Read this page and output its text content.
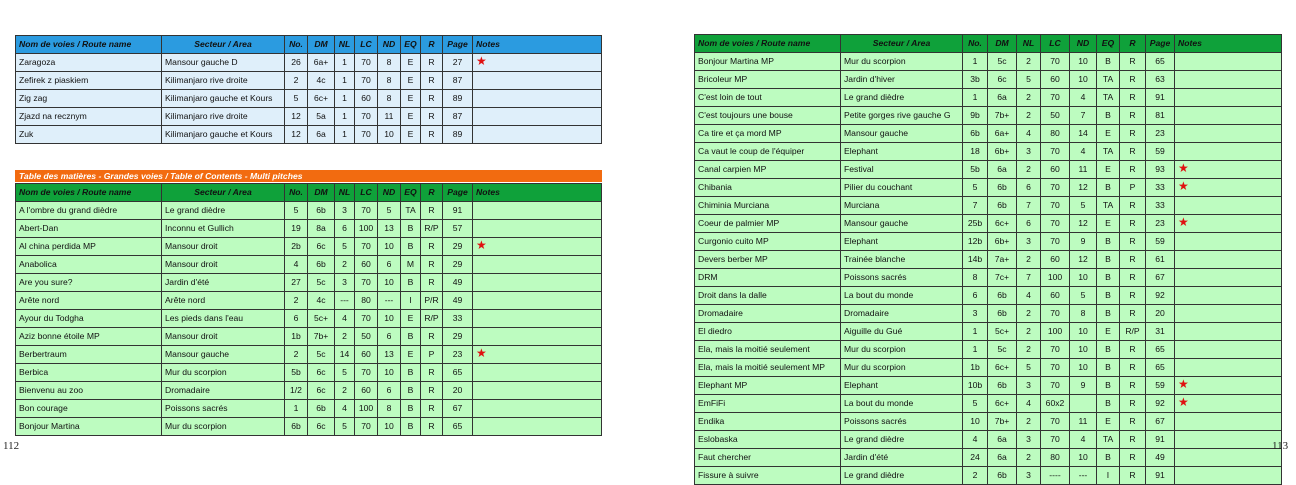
Nom de voies / Route name	Secteur / Area	No.	DM	NL	LC	ND	EQ	R	Page	Notes
Zaragoza	Mansour gauche D	26	6a+	1	70	8	E	R	27	★
Zefirek z piaskiem	Kilimanjaro rive droite	2	4c	1	70	8	E	R	87	
Zig zag	Kilimanjaro gauche et Kours	5	6c+	1	60	8	E	R	89	
Zjazd na recznym	Kilimanjaro rive droite	12	5a	1	70	11	E	R	87	
Zuk	Kilimanjaro gauche et Kours	12	6a	1	70	10	E	R	89	
Table des matières - Grandes voies / Table of Contents - Multi pitches
Nom de voies / Route name	Secteur / Area	No.	DM	NL	LC	ND	EQ	R	Page	Notes
A l'ombre du grand dièdre	Le grand dièdre	5	6b	3	70	5	TA	R	91	
Abert-Dan	Inconnu et Gullich	19	8a	6	100	13	B	R/P	57	
Al china perdida MP	Mansour droit	2b	6c	5	70	10	B	R	29	★
Anabolica	Mansour droit	4	6b	2	60	6	M	R	29	
Are you sure?	Jardin d'été	27	5c	3	70	10	B	R	49	
Arête nord	Arête nord	2	4c	---	80	---	I	P/R	49	
Ayour du Todgha	Les pieds dans l'eau	6	5c+	4	70	10	E	R/P	33	
Aziz bonne étoile MP	Mansour droit	1b	7b+	2	50	6	B	R	29	
Berbertraum	Mansour gauche	2	5c	14	60	13	E	P	23	★
Berbica	Mur du scorpion	5b	6c	5	70	10	B	R	65	
Bienvenu au zoo	Dromadaire	1/2	6c	2	60	6	B	R	20	
Bon courage	Poissons sacrés	1	6b	4	100	8	B	R	67	
Bonjour Martina	Mur du scorpion	6b	6c	5	70	10	B	R	65	
Nom de voies / Route name	Secteur / Area	No.	DM	NL	LC	ND	EQ	R	Page	Notes
Bonjour Martina MP	Mur du scorpion	1	5c	2	70	10	B	R	65	
Bricoleur MP	Jardin d'hiver	3b	6c	5	60	10	TA	R	63	
C'est loin de tout	Le grand dièdre	1	6a	2	70	4	TA	R	91	
C'est toujours une bouse	Petite gorges rive gauche G	9b	7b+	2	50	7	B	R	81	
Ca tire et ça mord MP	Mansour gauche	6b	6a+	4	80	14	E	R	23	
Ca vaut le coup de l'équiper	Elephant	18	6b+	3	70	4	TA	R	59	
Canal carpien MP	Festival	5b	6a	2	60	11	E	R	93	★
Chibania	Pilier du couchant	5	6b	6	70	12	B	P	33	★
Chiminia Murciana	Murciana	7	6b	7	70	5	TA	R	33	
Coeur de palmier MP	Mansour gauche	25b	6c+	6	70	12	E	R	23	★
Curgonio cuito MP	Elephant	12b	6b+	3	70	9	B	R	59	
Devers berber MP	Trainée blanche	14b	7a+	2	60	12	B	R	61	
DRM	Poissons sacrés	8	7c+	7	100	10	B	R	67	
Droit dans la dalle	La bout du monde	6	6b	4	60	5	B	R	92	
Dromadaire	Dromadaire	3	6b	2	70	8	B	R	20	
El diedro	Aiguille du Gué	1	5c+	2	100	10	E	R/P	31	
Ela, mais la moitié seulement	Mur du scorpion	1	5c	2	70	10	B	R	65	
Ela, mais la moitié seulement MP	Mur du scorpion	1b	6c+	5	70	10	B	R	65	
Elephant MP	Elephant	10b	6b	3	70	9	B	R	59	★
EmFiFi	La bout du monde	5	6c+	4	60x2		B	R	92	★
Endika	Poissons sacrés	10	7b+	2	70	11	E	R	67	
Eslobaska	Le grand dièdre	4	6a	3	70	4	TA	R	91	
Faut chercher	Jardin d'été	24	6a	2	80	10	B	R	49	
Fissure à suivre	Le grand dièdre	2	6b	3	----	---	I	R	91	
112	113
